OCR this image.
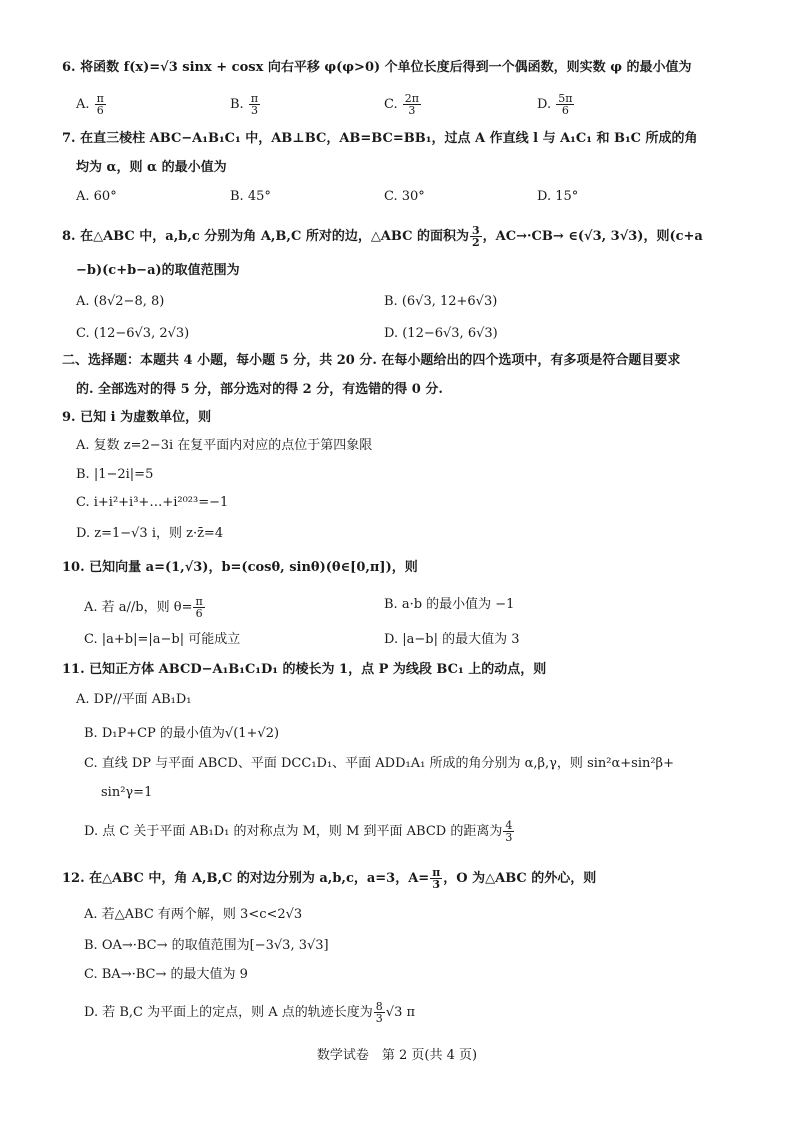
6. 将函数 f(x)=√3 sinx + cosx 向右平移 φ(φ>0) 个单位长度后得到一个偶函数，则实数 φ 的最小值为
A. $\frac{\pi}{6}$	B. $\frac{\pi}{3}$	C. $\frac{2\pi}{3}$	D. $\frac{5\pi}{6}$
7. 在直三棱柱 ABC−A₁B₁C₁ 中，AB⊥BC，AB=BC=BB₁，过点 A 作直线 l 与 A₁C₁ 和 B₁C 所成的角
均为 α，则 α 的最小值为
A. 60°	B. 45°	C. 30°	D. 15°
8. 在△ABC 中，a,b,c 分别为角 A,B,C 所对的边，△ABC 的面积为 $\frac{3}{2}$ ，AC→·CB→ ∈(√3, 3√3)，则(c+a
−b)(c+b−a)的取值范围为
A. (8√2−8, 8)	B. (6√3, 12+6√3)
C. (12−6√3, 2√3)	D. (12−6√3, 6√3)
二、选择题：本题共 4 小题，每小题 5 分，共 20 分. 在每小题给出的四个选项中，有多项是符合题目要求
的. 全部选对的得 5 分，部分选对的得 2 分，有选错的得 0 分.
9. 已知 i 为虚数单位，则
A. 复数 z=2−3i 在复平面内对应的点位于第四象限
B. |1−2i|=5
C. i+i²+i³+…+i²⁰²³=−1
D. z=1−√3 i，则 z·z̄=4
10. 已知向量 a=(1,√3)，b=(cosθ, sinθ)(θ∈[0,π])，则
A. 若 a//b，则 $\theta= \frac{\pi}{6}$	B. a·b 的最小值为 −1
C. |a+b|=|a−b| 可能成立	D. |a−b| 的最大值为 3
11. 已知正方体 ABCD−A₁B₁C₁D₁ 的棱长为 1，点 P 为线段 BC₁ 上的动点，则
A. DP//平面 AB₁D₁
B. D₁P+CP 的最小值为√(1+√2)
C. 直线 DP 与平面 ABCD、平面 DCC₁D₁、平面 ADD₁A₁ 所成的角分别为 α,β,γ，则 sin²α+sin²β+
sin²γ=1
D. 点 C 关于平面 AB₁D₁ 的对称点为 M，则 M 到平面 ABCD 的距离为 $\frac{4}{3}$
12. 在△ABC 中，角 A,B,C 的对边分别为 a,b,c，a=3，$A= \frac{\pi}{3}$ ，O 为△ABC 的外心，则
A. 若△ABC 有两个解，则 3<c<2√3
B. OA→·BC→ 的取值范围为[−3√3, 3√3]
C. BA→·BC→ 的最大值为 9
D. 若 B,C 为平面上的定点，则 A 点的轨迹长度为 $\frac{8}{3} √3$ π
数学试卷　第 2 页(共 4 页)
